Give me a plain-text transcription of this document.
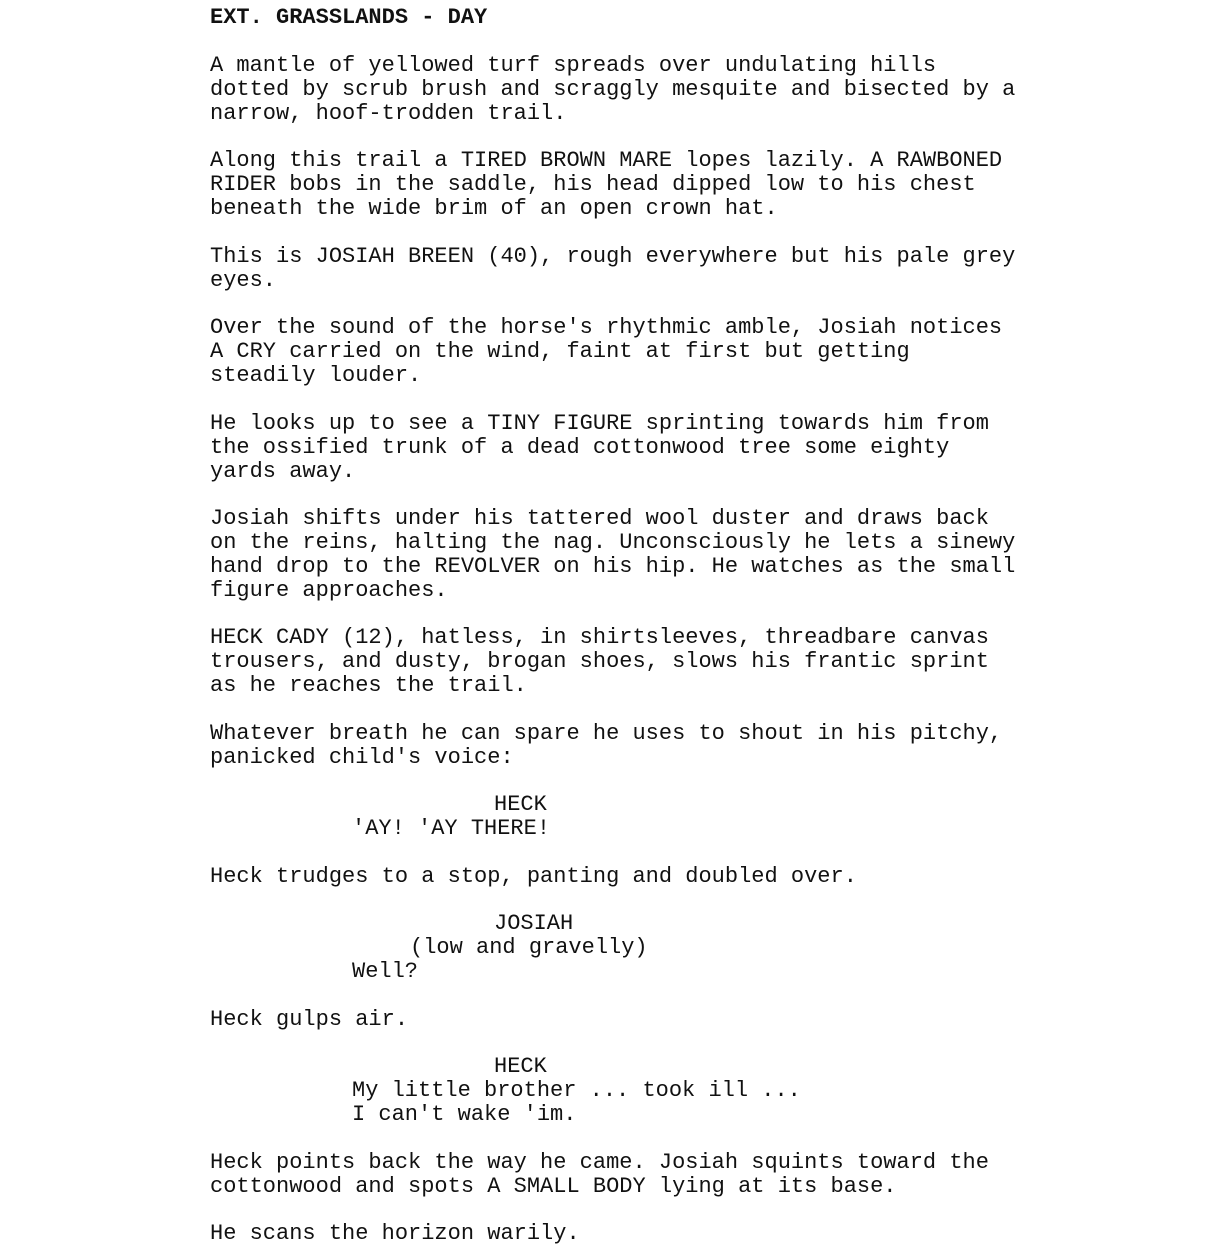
EXT. GRASSLANDS - DAY

A mantle of yellowed turf spreads over undulating hills

dotted by scrub brush and scraggly mesquite and bisected by a

narrow, hoof-trodden trail.

Along this trail a TIRED BROWN MARE lopes lazily. A RAWBONED

RIDER bobs in the saddle, his head dipped low to his chest

beneath the wide brim of an open crown hat.

This is JOSIAH BREEN (40), rough everywhere but his pale grey

eyes.

Over the sound of the horse's rhythmic amble, Josiah notices

A CRY carried on the wind, faint at first but getting

steadily louder.

He looks up to see a TINY FIGURE sprinting towards him from

the ossified trunk of a dead cottonwood tree some eighty

yards away.

Josiah shifts under his tattered wool duster and draws back

on the reins, halting the nag. Unconsciously he lets a sinewy

hand drop to the REVOLVER on his hip. He watches as the small

figure approaches.

HECK CADY (12), hatless, in shirtsleeves, threadbare canvas

trousers, and dusty, brogan shoes, slows his frantic sprint

as he reaches the trail.

Whatever breath he can spare he uses to shout in his pitchy,

panicked child's voice:

HECK

'AY! 'AY THERE!

Heck trudges to a stop, panting and doubled over.

JOSIAH

(low and gravelly)

Well?

Heck gulps air.

HECK

My little brother ... took ill ...

I can't wake 'im.

Heck points back the way he came. Josiah squints toward the

cottonwood and spots A SMALL BODY lying at its base.

He scans the horizon warily.
